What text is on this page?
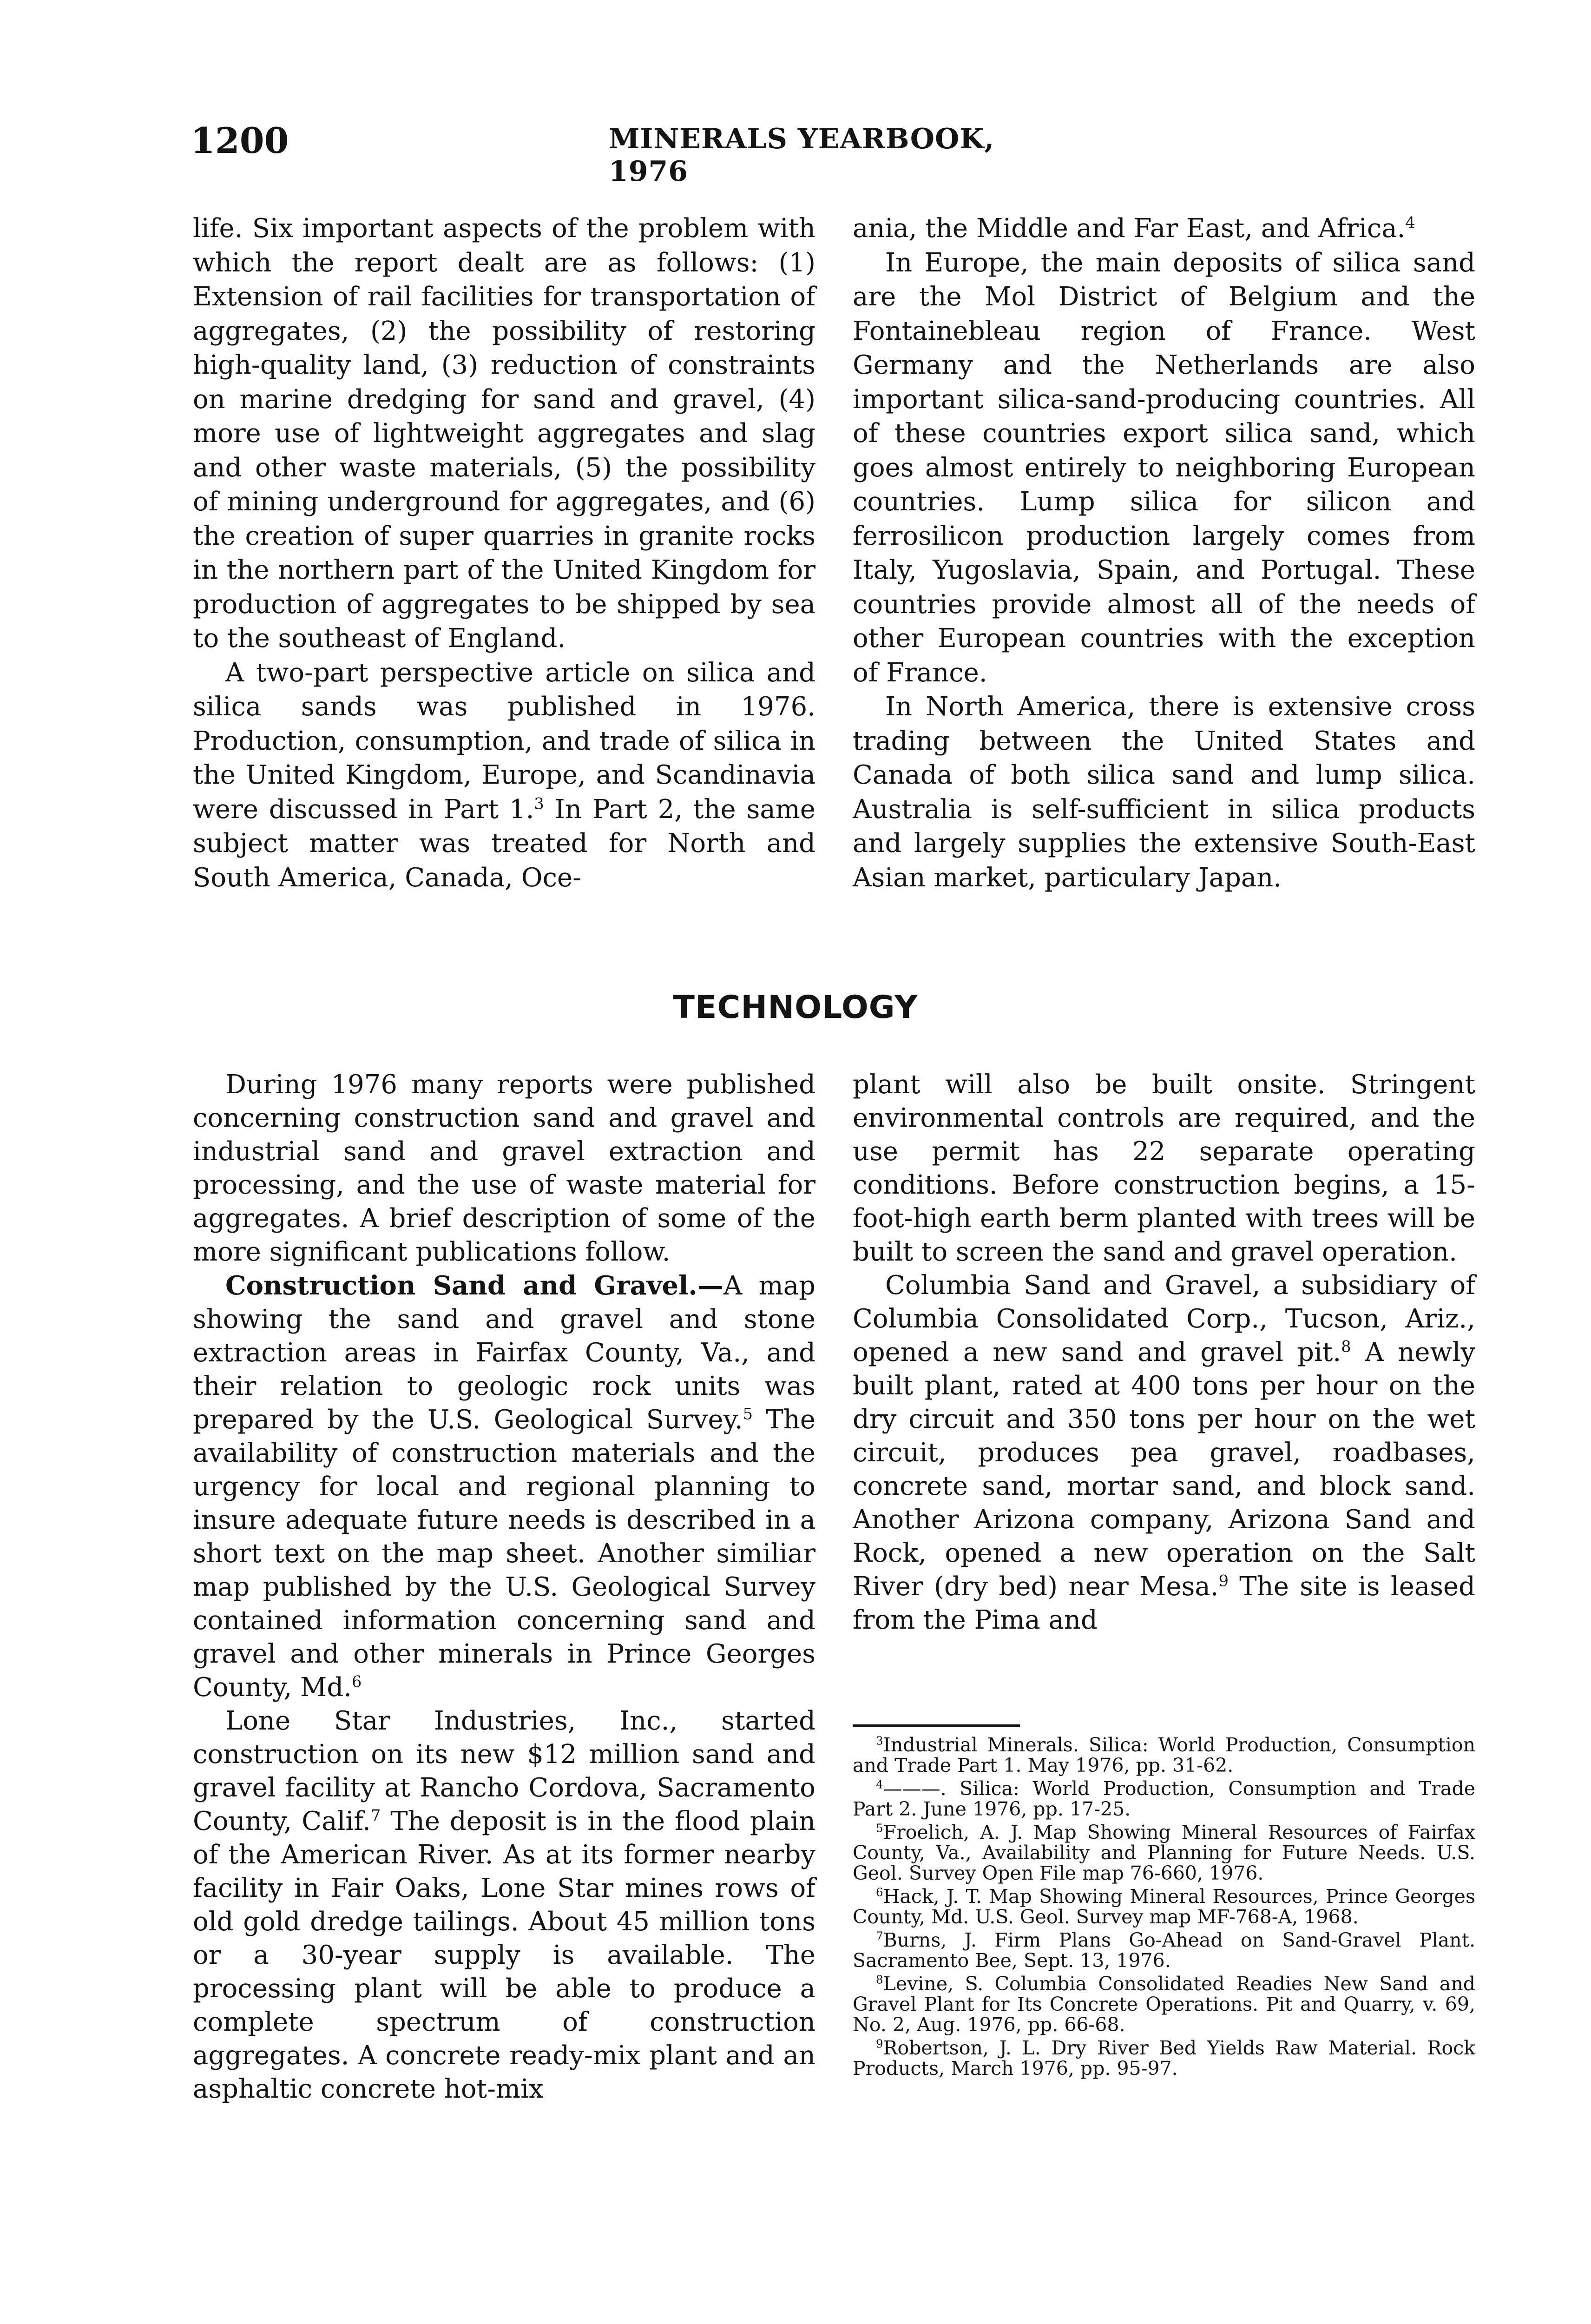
1200	MINERALS YEARBOOK, 1976

life. Six important aspects of the problem with which the report dealt are as follows: (1) Extension of rail facilities for transportation of aggregates, (2) the possibility of restoring high-quality land, (3) reduction of constraints on marine dredging for sand and gravel, (4) more use of lightweight aggregates and slag and other waste materials, (5) the possibility of mining underground for aggregates, and (6) the creation of super quarries in granite rocks in the northern part of the United Kingdom for production of aggregates to be shipped by sea to the southeast of England.

A two-part perspective article on silica and silica sands was published in 1976. Production, consumption, and trade of silica in the United Kingdom, Europe, and Scandinavia were discussed in Part 1.$^3$ In Part 2, the same subject matter was treated for North and South America, Canada, Oce-

ania, the Middle and Far East, and Africa.$^4$

In Europe, the main deposits of silica sand are the Mol District of Belgium and the Fontainebleau region of France. West Germany and the Netherlands are also important silica-sand-producing countries. All of these countries export silica sand, which goes almost entirely to neighboring European countries. Lump silica for silicon and ferrosilicon production largely comes from Italy, Yugoslavia, Spain, and Portugal. These countries provide almost all of the needs of other European countries with the exception of France.

In North America, there is extensive cross trading between the United States and Canada of both silica sand and lump silica. Australia is self-sufficient in silica products and largely supplies the extensive South-East Asian market, particulary Japan.

TECHNOLOGY

During 1976 many reports were published concerning construction sand and gravel and industrial sand and gravel extraction and processing, and the use of waste material for aggregates. A brief description of some of the more significant publications follow.

Construction Sand and Gravel.—A map showing the sand and gravel and stone extraction areas in Fairfax County, Va., and their relation to geologic rock units was prepared by the U.S. Geological Survey.$^5$ The availability of construction materials and the urgency for local and regional planning to insure adequate future needs is described in a short text on the map sheet. Another similiar map published by the U.S. Geological Survey contained information concerning sand and gravel and other minerals in Prince Georges County, Md.$^6$

Lone Star Industries, Inc., started construction on its new $12 million sand and gravel facility at Rancho Cordova, Sacramento County, Calif.$^7$ The deposit is in the flood plain of the American River. As at its former nearby facility in Fair Oaks, Lone Star mines rows of old gold dredge tailings. About 45 million tons or a 30-year supply is available. The processing plant will be able to produce a complete spectrum of construction aggregates. A concrete ready-mix plant and an asphaltic concrete hot-mix

plant will also be built onsite. Stringent environmental controls are required, and the use permit has 22 separate operating conditions. Before construction begins, a 15-foot-high earth berm planted with trees will be built to screen the sand and gravel operation.

Columbia Sand and Gravel, a subsidiary of Columbia Consolidated Corp., Tucson, Ariz., opened a new sand and gravel pit.$^8$ A newly built plant, rated at 400 tons per hour on the dry circuit and 350 tons per hour on the wet circuit, produces pea gravel, roadbases, concrete sand, mortar sand, and block sand. Another Arizona company, Arizona Sand and Rock, opened a new operation on the Salt River (dry bed) near Mesa.$^9$ The site is leased from the Pima and

$^3$Industrial Minerals. Silica: World Production, Consumption and Trade Part 1. May 1976, pp. 31-62.

$^4$———. Silica: World Production, Consumption and Trade Part 2. June 1976, pp. 17-25.

$^5$Froelich, A. J. Map Showing Mineral Resources of Fairfax County, Va., Availability and Planning for Future Needs. U.S. Geol. Survey Open File map 76-660, 1976.

$^6$Hack, J. T. Map Showing Mineral Resources, Prince Georges County, Md. U.S. Geol. Survey map MF-768-A, 1968.

$^7$Burns, J. Firm Plans Go-Ahead on Sand-Gravel Plant. Sacramento Bee, Sept. 13, 1976.

$^8$Levine, S. Columbia Consolidated Readies New Sand and Gravel Plant for Its Concrete Operations. Pit and Quarry, v. 69, No. 2, Aug. 1976, pp. 66-68.

$^9$Robertson, J. L. Dry River Bed Yields Raw Material. Rock Products, March 1976, pp. 95-97.
